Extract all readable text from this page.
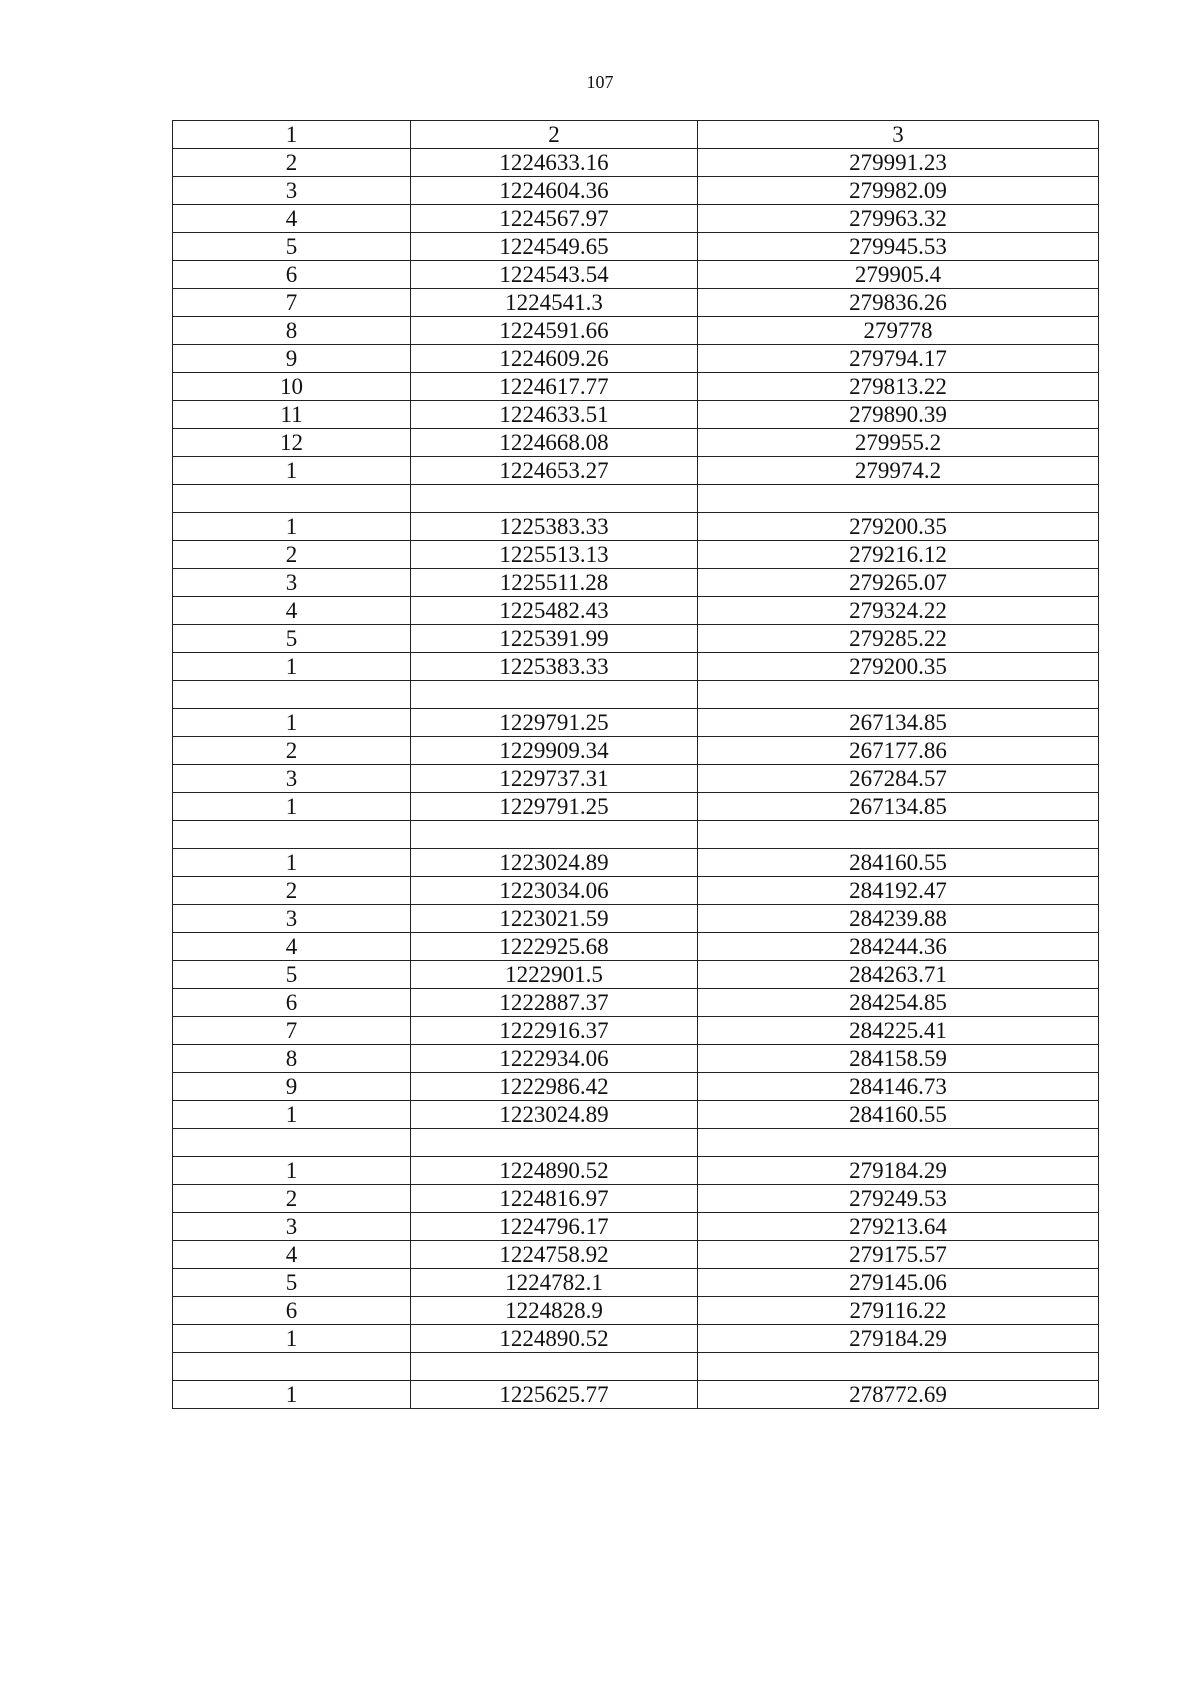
107
1	2	3
2	1224633.16	279991.23
3	1224604.36	279982.09
4	1224567.97	279963.32
5	1224549.65	279945.53
6	1224543.54	279905.4
7	1224541.3	279836.26
8	1224591.66	279778
9	1224609.26	279794.17
10	1224617.77	279813.22
11	1224633.51	279890.39
12	1224668.08	279955.2
1	1224653.27	279974.2

1	1225383.33	279200.35
2	1225513.13	279216.12
3	1225511.28	279265.07
4	1225482.43	279324.22
5	1225391.99	279285.22
1	1225383.33	279200.35

1	1229791.25	267134.85
2	1229909.34	267177.86
3	1229737.31	267284.57
1	1229791.25	267134.85

1	1223024.89	284160.55
2	1223034.06	284192.47
3	1223021.59	284239.88
4	1222925.68	284244.36
5	1222901.5	284263.71
6	1222887.37	284254.85
7	1222916.37	284225.41
8	1222934.06	284158.59
9	1222986.42	284146.73
1	1223024.89	284160.55

1	1224890.52	279184.29
2	1224816.97	279249.53
3	1224796.17	279213.64
4	1224758.92	279175.57
5	1224782.1	279145.06
6	1224828.9	279116.22
1	1224890.52	279184.29

1	1225625.77	278772.69
